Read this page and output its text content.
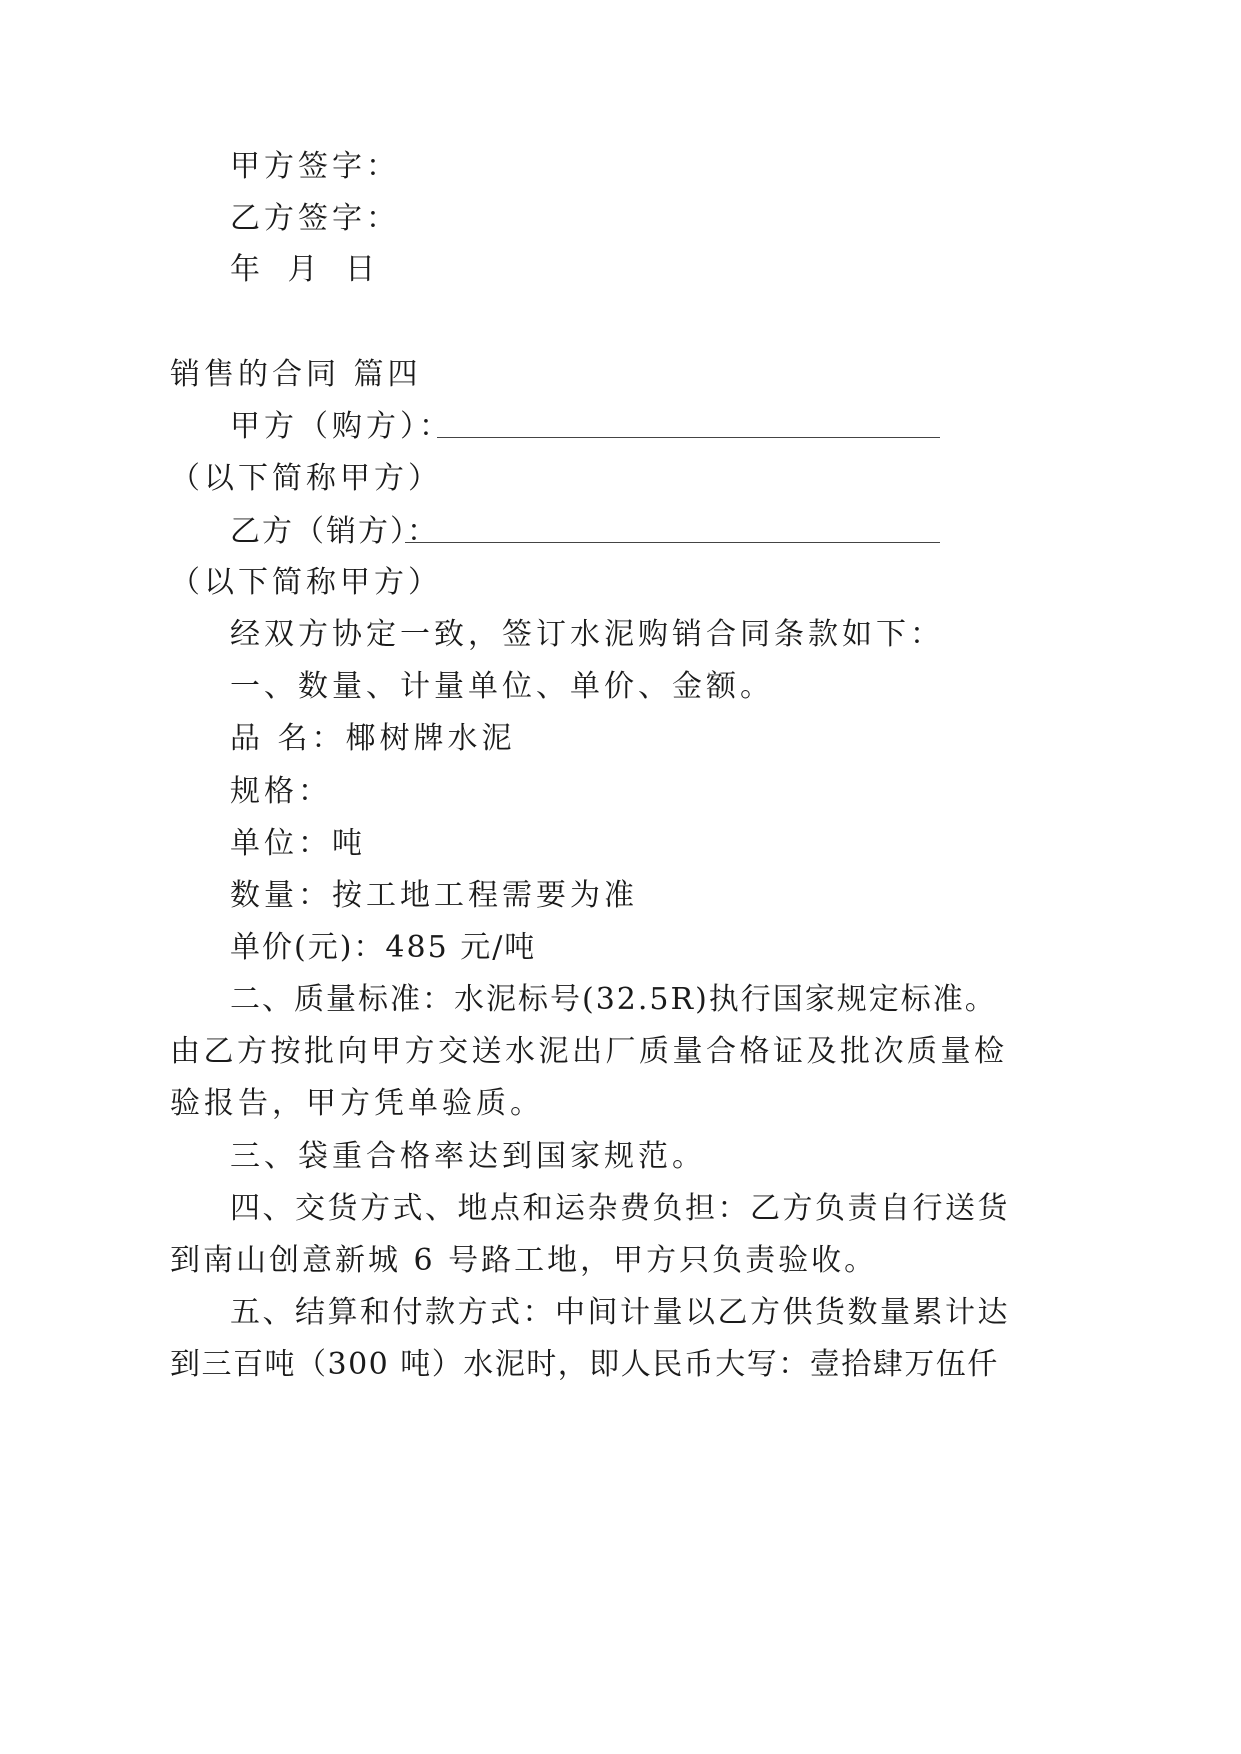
甲方签字：
乙方签字：
年 月 日
销售的合同 篇四
甲方（购方）：
（以下简称甲方）
乙方（销方）：
（以下简称甲方）
经双方协定一致，签订水泥购销合同条款如下：
一、数量、计量单位、单价、金额。
品 名：椰树牌水泥
规格：
单位：吨
数量：按工地工程需要为准
单价(元)：485 元/吨
二、质量标准：水泥标号(32.5R)执行国家规定标准。
由乙方按批向甲方交送水泥出厂质量合格证及批次质量检
验报告，甲方凭单验质。
三、袋重合格率达到国家规范。
四、交货方式、地点和运杂费负担：乙方负责自行送货
到南山创意新城 6 号路工地，甲方只负责验收。
五、结算和付款方式：中间计量以乙方供货数量累计达
到三百吨（300 吨）水泥时，即人民币大写：壹拾肆万伍仟
